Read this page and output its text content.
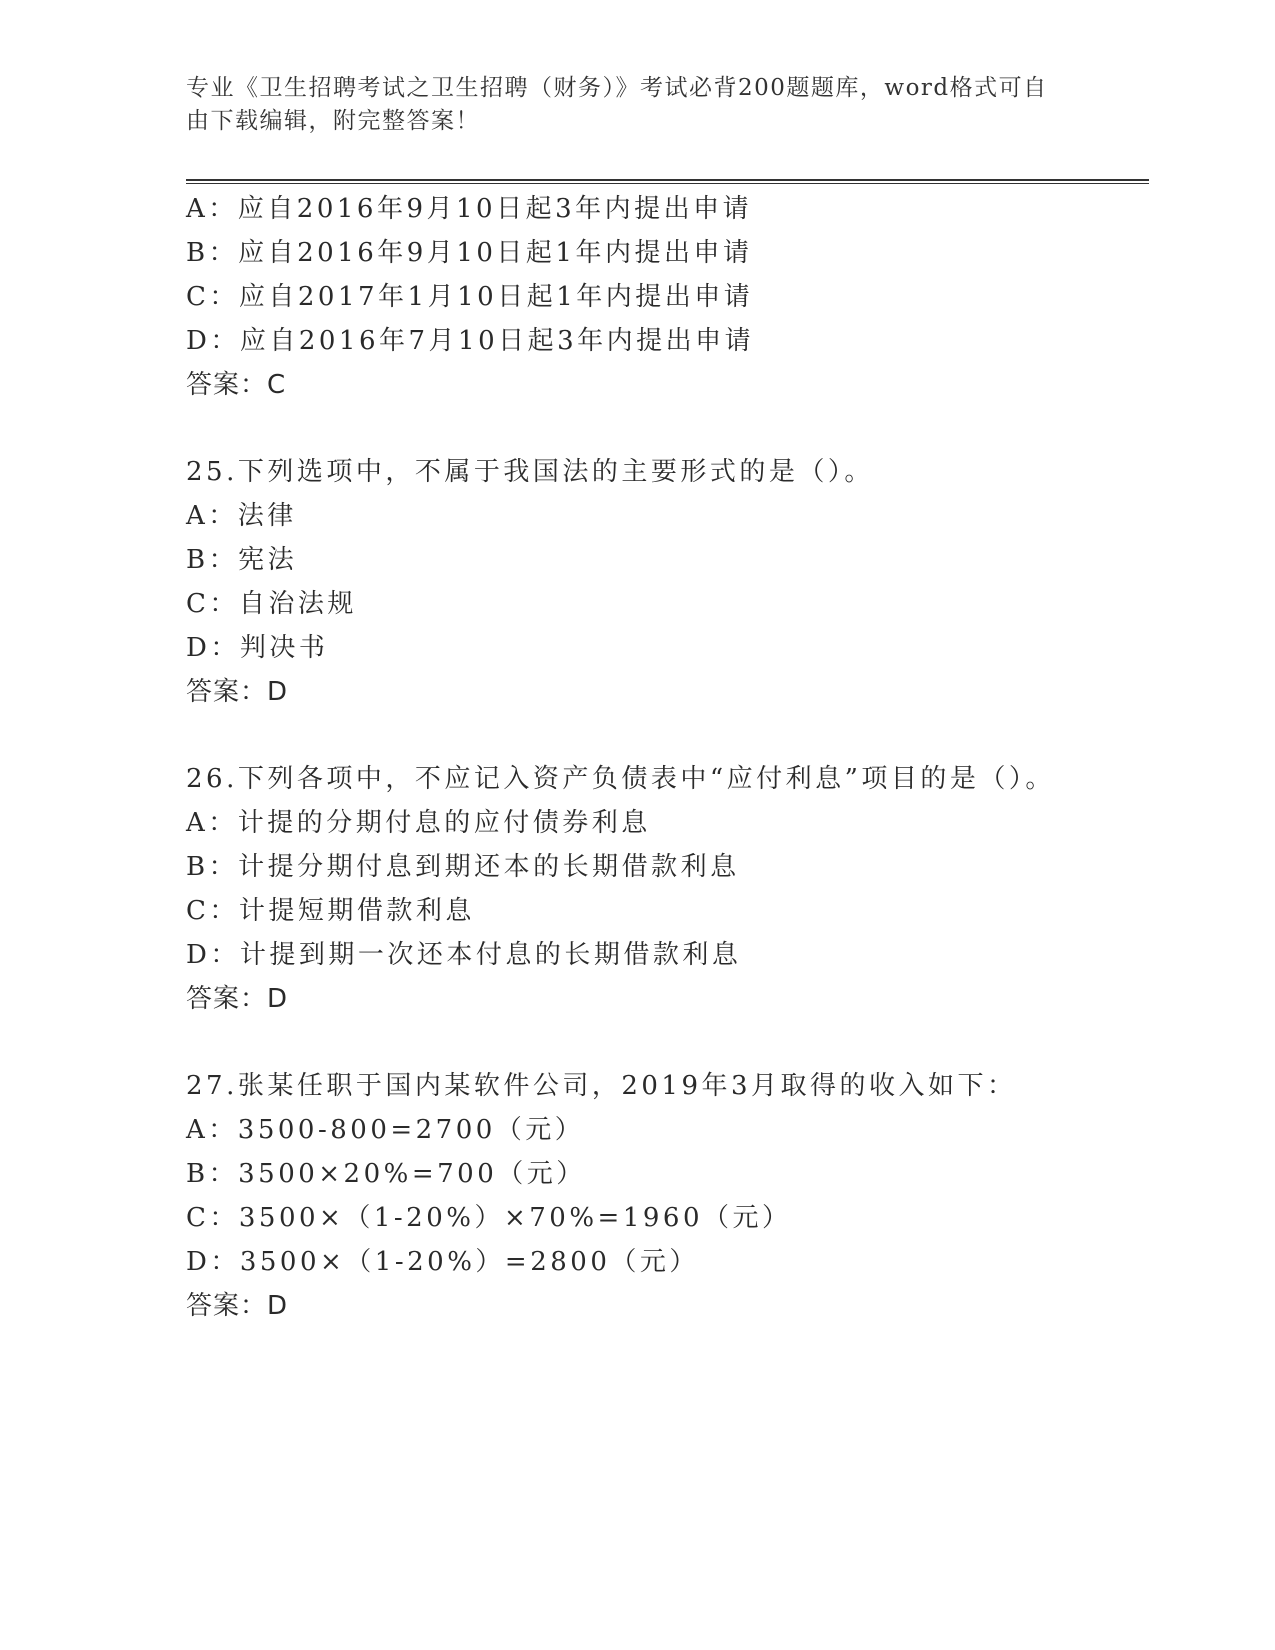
专业《卫生招聘考试之卫生招聘（财务）》考试必背200题题库，word格式可自
由下载编辑，附完整答案！
A：应自2016年9月10日起3年内提出申请
B：应自2016年9月10日起1年内提出申请
C：应自2017年1月10日起1年内提出申请
D：应自2016年7月10日起3年内提出申请
答案：C
25.下列选项中，不属于我国法的主要形式的是（）。
A：法律
B：宪法
C：自治法规
D：判决书
答案：D
26.下列各项中，不应记入资产负债表中“应付利息”项目的是（）。
A：计提的分期付息的应付债券利息
B：计提分期付息到期还本的长期借款利息
C：计提短期借款利息
D：计提到期一次还本付息的长期借款利息
答案：D
27.张某任职于国内某软件公司，2019年3月取得的收入如下：
A：3500-800=2700（元）
B：3500×20%=700（元）
C：3500×（1-20%）×70%=1960（元）
D：3500×（1-20%）=2800（元）
答案：D
